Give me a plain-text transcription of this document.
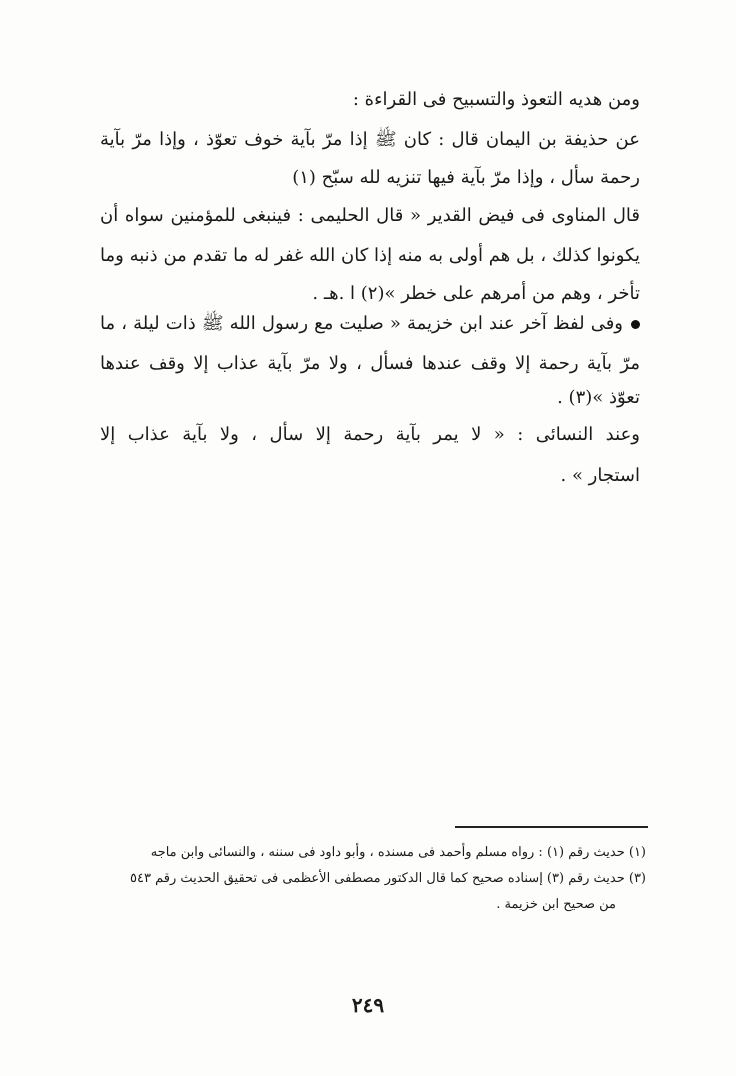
ومن هديه التعوذ والتسبيح فى القراءة :
عن حذيفة بن اليمان قال : كان ﷺ إذا مرّ بآية خوف تعوّذ ، وإذا مرّ بآية
رحمة سأل ، وإذا مرّ بآية فيها تنزيه لله سبّح (١)
قال المناوى فى فيض القدير « قال الحليمى : فينبغى للمؤمنين سواه أن
يكونوا كذلك ، بل هم أولى به منه إذا كان الله غفر له ما تقدم من ذنبه وما
تأخر ، وهم من أمرهم على خطر »(٢) ا .هـ .
وفى لفظ آخر عند ابن خزيمة « صليت مع رسول الله ﷺ ذات ليلة ، ما
مرّ بآية رحمة إلا وقف عندها فسأل ، ولا مرّ بآية عذاب إلا وقف عندها
تعوّذ »(٣) .
وعند النسائى : « لا يمر بآية رحمة إلا سأل ، ولا بآية عذاب إلا
استجار » .
(١) حديث رقم (١) : رواه مسلم وأحمد فى مسنده ، وأبو داود فى سننه ، والنسائى وابن ماجه
(٣) حديث رقم (٣) إسناده صحيح كما قال الدكتور مصطفى الأعظمى فى تحقيق الحديث رقم ٥٤٣
من صحيح ابن خزيمة .
٢٤٩
